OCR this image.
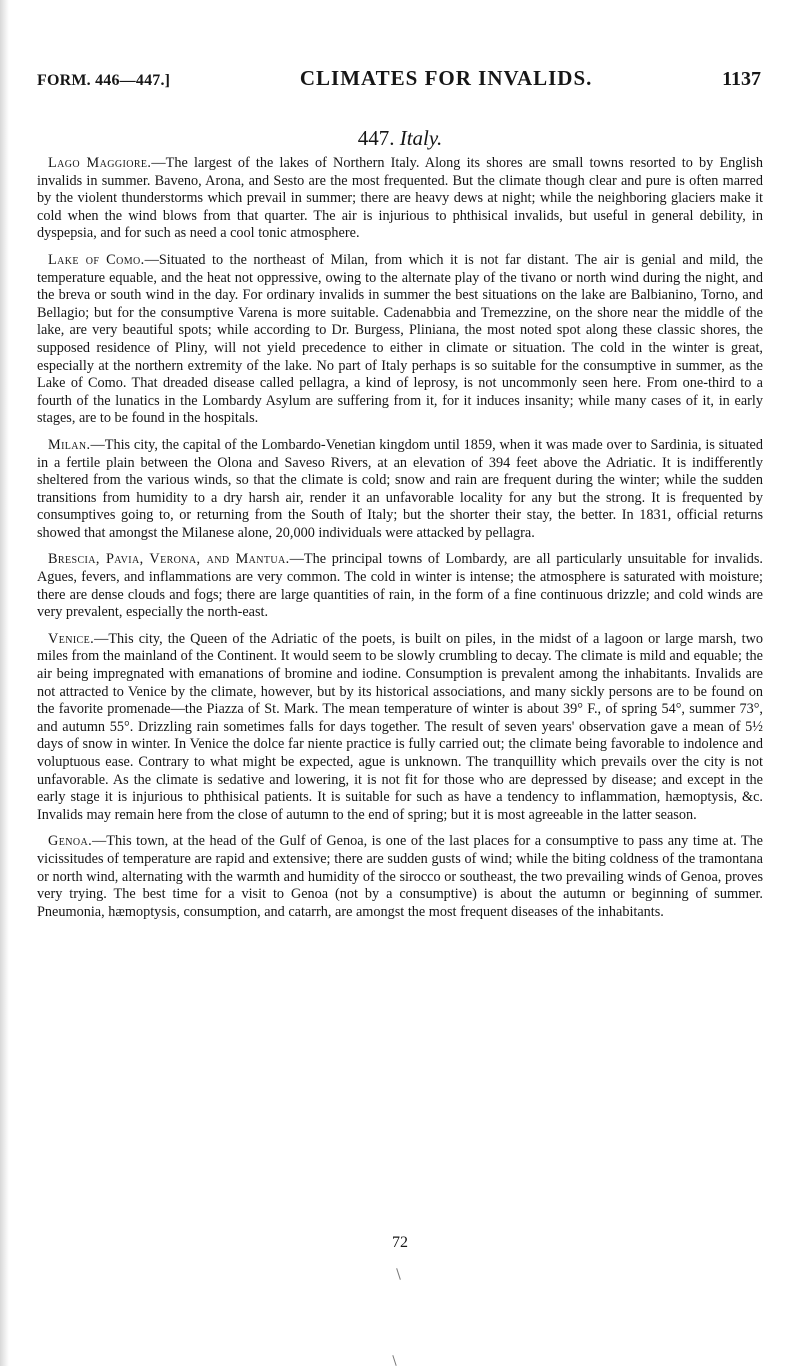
FORM. 446—447.]	CLIMATES FOR INVALIDS.	1137
447. Italy.

Lago Maggiore.—The largest of the lakes of Northern Italy. Along its shores are small towns resorted to by English invalids in summer. Baveno, Arona, and Sesto are the most frequented. But the climate though clear and pure is often marred by the violent thunderstorms which prevail in summer; there are heavy dews at night; while the neighboring glaciers make it cold when the wind blows from that quarter. The air is injurious to phthisical invalids, but useful in general debility, in dyspepsia, and for such as need a cool tonic atmosphere.

Lake of Como.—Situated to the northeast of Milan, from which it is not far distant. The air is genial and mild, the temperature equable, and the heat not oppressive, owing to the alternate play of the tivano or north wind during the night, and the breva or south wind in the day. For ordinary invalids in summer the best situations on the lake are Balbianino, Torno, and Bellagio; but for the consumptive Varena is more suitable. Cadenabbia and Tremezzine, on the shore near the middle of the lake, are very beautiful spots; while according to Dr. Burgess, Pliniana, the most noted spot along these classic shores, the supposed residence of Pliny, will not yield precedence to either in climate or situation. The cold in the winter is great, especially at the northern extremity of the lake. No part of Italy perhaps is so suitable for the consumptive in summer, as the Lake of Como. That dreaded disease called pellagra, a kind of leprosy, is not uncommonly seen here. From one-third to a fourth of the lunatics in the Lombardy Asylum are suffering from it, for it induces insanity; while many cases of it, in early stages, are to be found in the hospitals.

Milan.—This city, the capital of the Lombardo-Venetian kingdom until 1859, when it was made over to Sardinia, is situated in a fertile plain between the Olona and Saveso Rivers, at an elevation of 394 feet above the Adriatic. It is indifferently sheltered from the various winds, so that the climate is cold; snow and rain are frequent during the winter; while the sudden transitions from humidity to a dry harsh air, render it an unfavorable locality for any but the strong. It is frequented by consumptives going to, or returning from the South of Italy; but the shorter their stay, the better. In 1831, official returns showed that amongst the Milanese alone, 20,000 individuals were attacked by pellagra.

Brescia, Pavia, Verona, and Mantua.—The principal towns of Lombardy, are all particularly unsuitable for invalids. Agues, fevers, and inflammations are very common. The cold in winter is intense; the atmosphere is saturated with moisture; there are dense clouds and fogs; there are large quantities of rain, in the form of a fine continuous drizzle; and cold winds are very prevalent, especially the north-east.

Venice.—This city, the Queen of the Adriatic of the poets, is built on piles, in the midst of a lagoon or large marsh, two miles from the mainland of the Continent. It would seem to be slowly crumbling to decay. The climate is mild and equable; the air being impregnated with emanations of bromine and iodine. Consumption is prevalent among the inhabitants. Invalids are not attracted to Venice by the climate, however, but by its historical associations, and many sickly persons are to be found on the favorite promenade—the Piazza of St. Mark. The mean temperature of winter is about 39° F., of spring 54°, summer 73°, and autumn 55°. Drizzling rain sometimes falls for days together. The result of seven years' observation gave a mean of 5½ days of snow in winter. In Venice the dolce far niente practice is fully carried out; the climate being favorable to indolence and voluptuous ease. Contrary to what might be expected, ague is unknown. The tranquillity which prevails over the city is not unfavorable. As the climate is sedative and lowering, it is not fit for those who are depressed by disease; and except in the early stage it is injurious to phthisical patients. It is suitable for such as have a tendency to inflammation, hæmoptysis, &c. Invalids may remain here from the close of autumn to the end of spring; but it is most agreeable in the latter season.

Genoa.—This town, at the head of the Gulf of Genoa, is one of the last places for a consumptive to pass any time at. The vicissitudes of temperature are rapid and extensive; there are sudden gusts of wind; while the biting coldness of the tramontana or north wind, alternating with the warmth and humidity of the sirocco or southeast, the two prevailing winds of Genoa, proves very trying. The best time for a visit to Genoa (not by a consumptive) is about the autumn or beginning of summer. Pneumonia, hæmoptysis, consumption, and catarrh, are amongst the most frequent diseases of the inhabitants.

72
